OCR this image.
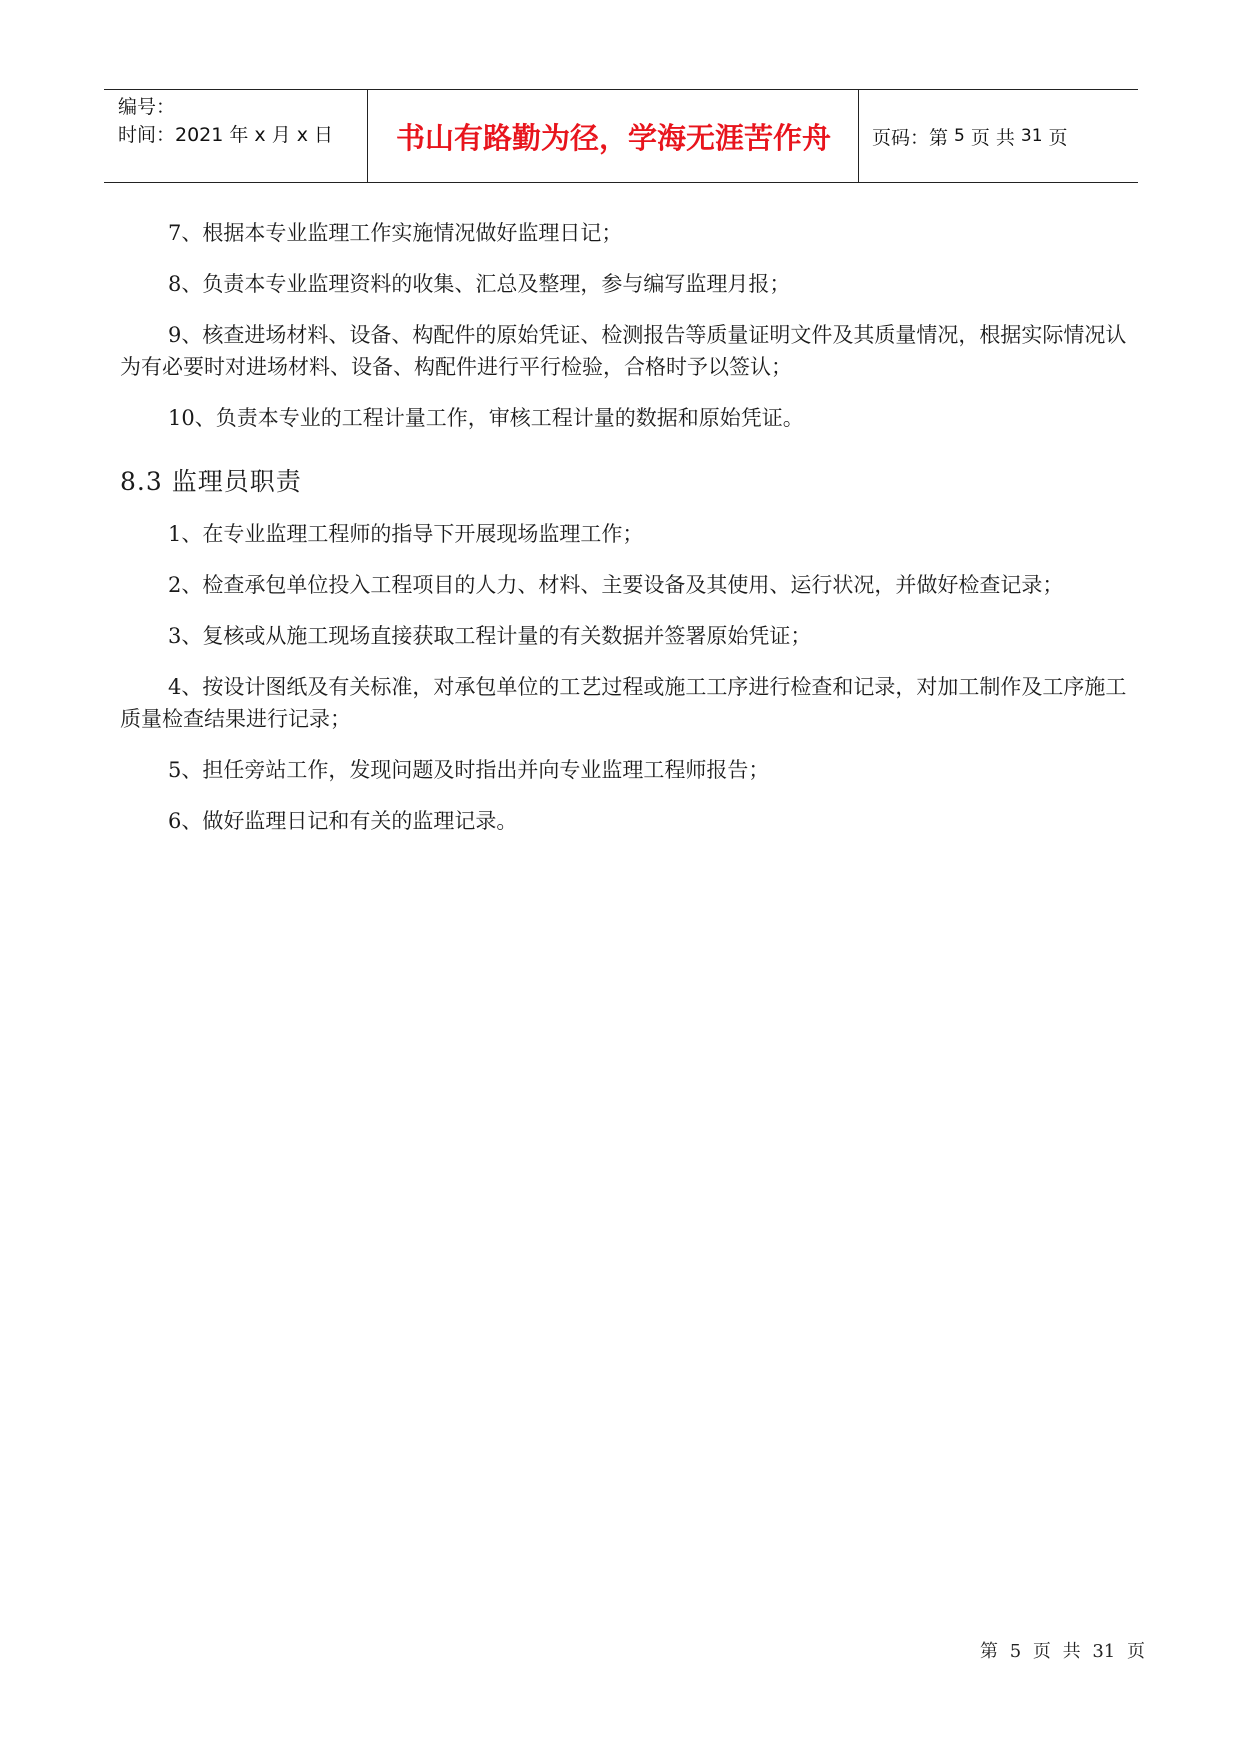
编号：
时间：2021 年 x 月 x 日	书山有路勤为径，学海无涯苦作舟	页码：第 5 页 共 31 页

7、根据本专业监理工作实施情况做好监理日记；

8、负责本专业监理资料的收集、汇总及整理，参与编写监理月报；

9、核查进场材料、设备、构配件的原始凭证、检测报告等质量证明文件及其质量情况，根据实际情况认为有必要时对进场材料、设备、构配件进行平行检验，合格时予以签认；

10、负责本专业的工程计量工作，审核工程计量的数据和原始凭证。

8.3 监理员职责

1、在专业监理工程师的指导下开展现场监理工作；

2、检查承包单位投入工程项目的人力、材料、主要设备及其使用、运行状况，并做好检查记录；

3、复核或从施工现场直接获取工程计量的有关数据并签署原始凭证；

4、按设计图纸及有关标准，对承包单位的工艺过程或施工工序进行检查和记录，对加工制作及工序施工质量检查结果进行记录；

5、担任旁站工作，发现问题及时指出并向专业监理工程师报告；

6、做好监理日记和有关的监理记录。

第 5 页 共 31 页
